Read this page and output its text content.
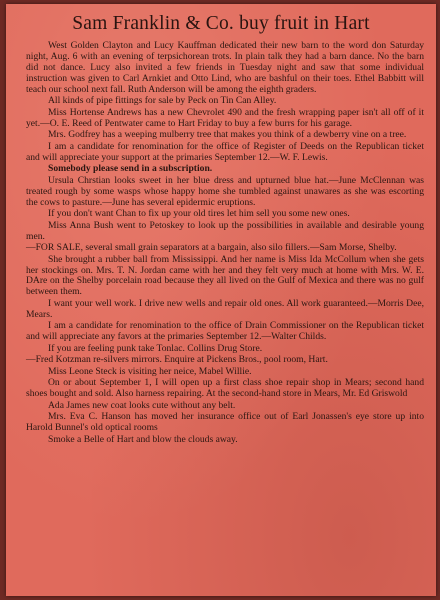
Sam Franklin & Co. buy fruit in Hart

West Golden Clayton and Lucy Kauffman dedicated their new barn to the word don Saturday night, Aug. 6 with an evening of terpsichorean trots. In plain talk they had a barn dance. No the barn did not dance. Lucy also invited a few friends in Tuesday night and saw that some individual instruction was given to Carl Arnkiet and Otto Lind, who are bashful on their toes. Ethel Babbitt will teach our school next fall. Ruth Anderson will be among the eighth graders.

All kinds of pipe fittings for sale by Peck on Tin Can Alley.

Miss Hortense Andrews has a new Chevrolet 490 and the fresh wrapping paper isn't all off of it yet.—O. E. Reed of Pentwater came to Hart Friday to buy a few burrs for his garage.

Mrs. Godfrey has a weeping mulberry tree that makes you think of a dewberry vine on a tree.

I am a candidate for renomination for the office of Register of Deeds on the Republican ticket and will appreciate your support at the primaries September 12.—W. F. Lewis.

Somebody please send in a subscription.

Ursula Chrstian looks sweet in her blue dress and upturned blue hat.—June McClennan was treated rough by some wasps whose happy home she tumbled against unawares as she was escorting the cows to pasture.—June has several epidermic eruptions.

If you don't want Chan to fix up your old tires let him sell you some new ones.

Miss Anna Bush went to Petoskey to look up the possibilities in available and desirable young men.

—FOR SALE, several small grain separators at a bargain, also silo fillers.—Sam Morse, Shelby.

She brought a rubber ball from Mississippi. And her name is Miss Ida McCollum when she gets her stockings on. Mrs. T. N. Jordan came with her and they felt very much at home with Mrs. W. E. DAre on the Shelby porcelain road because they all lived on the Gulf of Mexica and there was no gulf between them.

I want your well work. I drive new wells and repair old ones. All work guaranteed.—Morris Dee, Mears.

I am a candidate for renomination to the office of Drain Commissioner on the Republican ticket and will appreciate any favors at the primaries September 12.—Walter Childs.

If you are feeling punk take Tonlac. Collins Drug Store.

—Fred Kotzman re-silvers mirrors. Enquire at Pickens Bros., pool room, Hart.

Miss Leone Steck is visiting her neice, Mabel Willie.

On or about September 1, I will open up a first class shoe repair shop in Mears; second hand shoes bought and sold. Also harness repairing. At the second-hand store in Mears, Mr. Ed Griswold

Ada James new coat looks cute without any belt.

Mrs. Eva C. Hanson has moved her insurance office out of Earl Jonassen's eye store up into Harold Bunnel's old optical rooms

Smoke a Belle of Hart and blow the clouds away.
